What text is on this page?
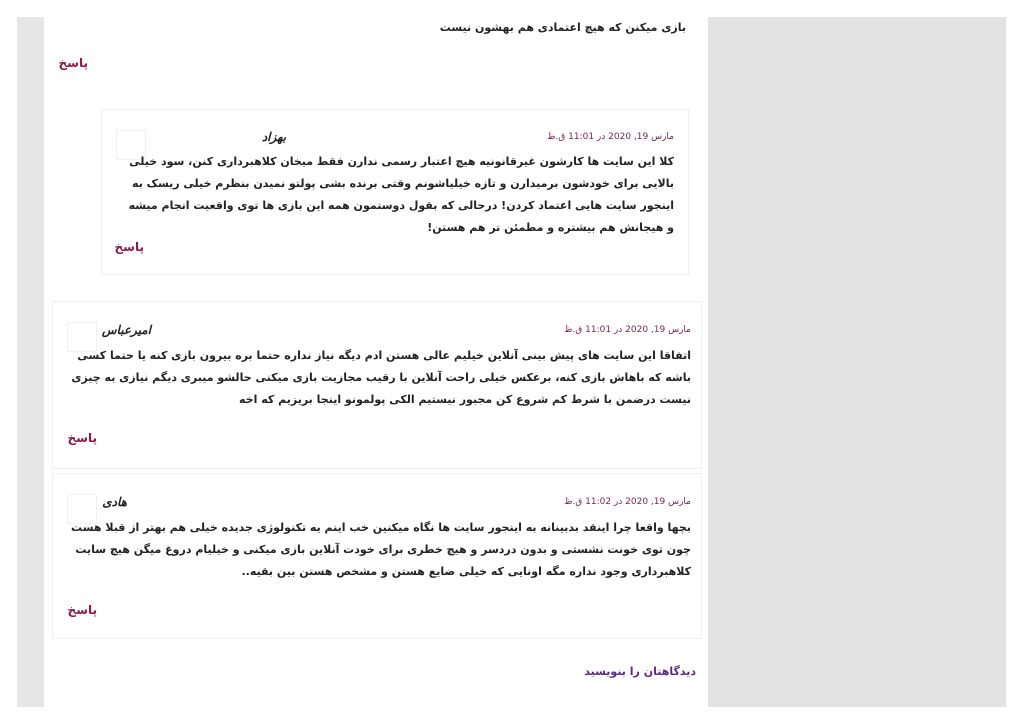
بازی میکنن که هیچ اعتمادی هم بهشون نیست

پاسخ
بهزاد	مارس 19, 2020 در 11:01 ق.ظ

کلا این سایت ها کارشون غیرقانونیه هیچ اعتبار رسمی ندارن فقط میخان کلاهبرداری کنن، سود خیلی بالایی برای خودشون برمیدارن و تازه خیلیاشونم وقتی برنده بشی پولتو نمیدن بنظرم خیلی ریسک به اینجور سایت هایی اعتماد کردن! درحالی که بقول دوستمون همه این بازی ها توی واقعیت انجام میشه و هیجانش هم بیشتره و مطمئن تر هم هستن!

پاسخ
امیرعباس	مارس 19, 2020 در 11:01 ق.ظ

اتفاقا این سایت های پیش بینی آنلاین خیلیم عالی هستن ادم دیگه نیاز نداره حتما بره بیرون بازی کنه یا حتما کسی باشه که باهاش بازی کنه، برعکس خیلی راحت آنلاین با رقیب مجازیت بازی میکنی حالشو میبری دیگم نیازی به چیزی نیست درضمن با شرط کم شروع کن مجبور نیستیم الکی پولمونو اینجا بریزیم که اخه

پاسخ
هادی	مارس 19, 2020 در 11:02 ق.ظ

بچها واقعا چرا اینقد بدبینانه به اینجور سایت ها نگاه میکنین خب اینم یه تکنولوژی جدیده خیلی هم بهتر از قبلا هست چون توی خونت نشستی و بدون دردسر و هیچ خطری برای خودت آنلاین بازی میکنی و خیلیام دروغ میگن هیچ سایت کلاهبرداری وجود نداره مگه اونایی که خیلی ضایع هستن و مشخص هستن بین بقیه..

پاسخ
دیدگاهتان را بنویسید
